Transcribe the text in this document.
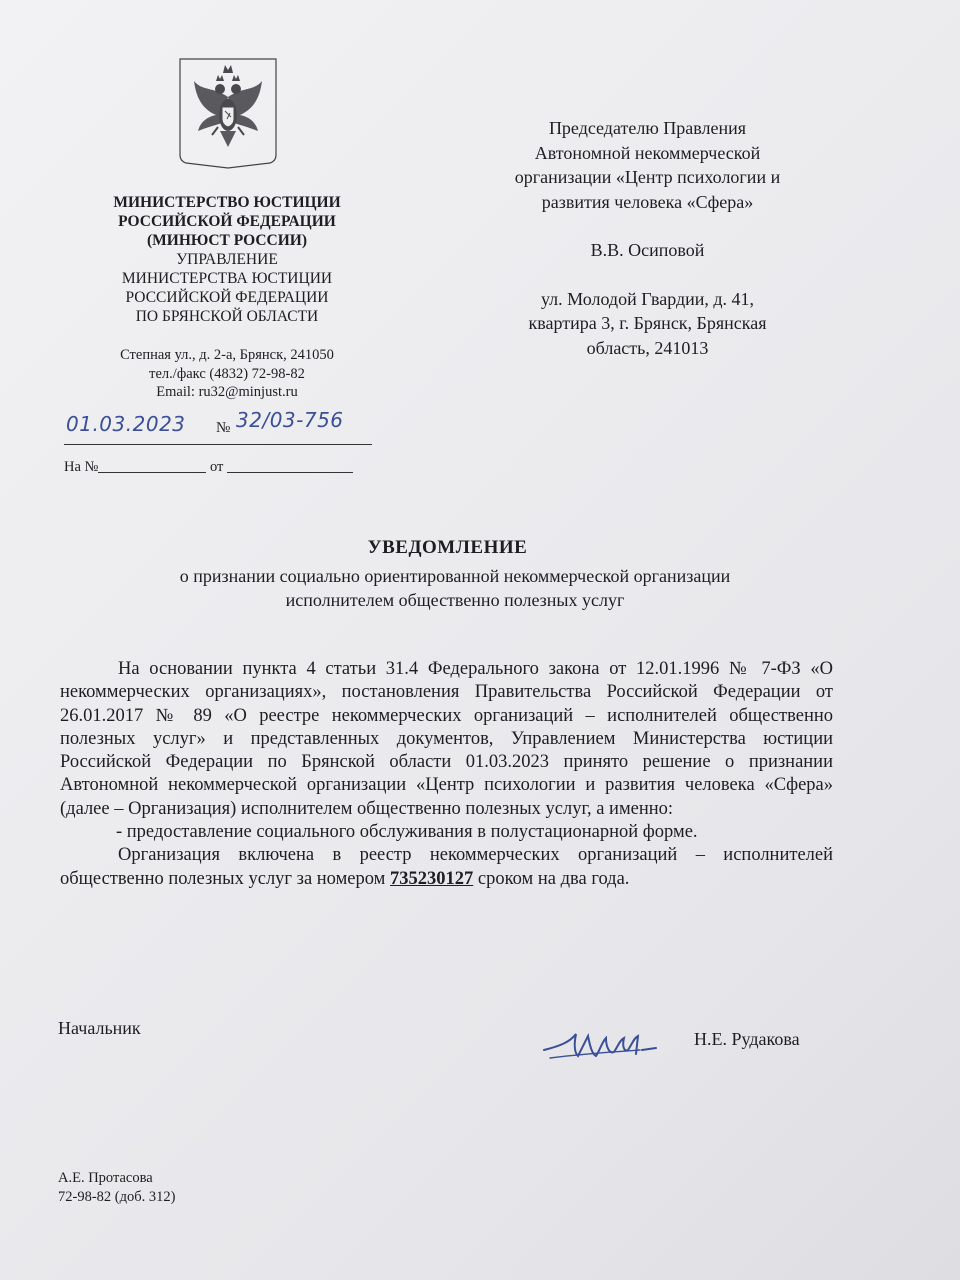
МИНИСТЕРСТВО ЮСТИЦИИ
РОССИЙСКОЙ ФЕДЕРАЦИИ
(МИНЮСТ РОССИИ)
УПРАВЛЕНИЕ
МИНИСТЕРСТВА ЮСТИЦИИ
РОССИЙСКОЙ ФЕДЕРАЦИИ
ПО БРЯНСКОЙ ОБЛАСТИ
Степная ул., д. 2-а, Брянск, 241050
тел./факс (4832) 72-98-82
Email: ru32@minjust.ru
01.03.2023 № 32/03-756
На №	от
Председателю Правления
Автономной некоммерческой
организации «Центр психологии и
развития человека «Сфера»
В.В. Осиповой
ул. Молодой Гвардии, д. 41,
квартира 3, г. Брянск, Брянская
область, 241013
УВЕДОМЛЕНИЕ
о признании социально ориентированной некоммерческой организации
исполнителем общественно полезных услуг

На основании пункта 4 статьи 31.4 Федерального закона от 12.01.1996 № 7-ФЗ «О некоммерческих организациях», постановления Правительства Российской Федерации от 26.01.2017 № 89 «О реестре некоммерческих организаций – исполнителей общественно полезных услуг» и представленных документов, Управлением Министерства юстиции Российской Федерации по Брянской области 01.03.2023 принято решение о признании Автономной некоммерческой организации «Центр психологии и развития человека «Сфера» (далее – Организация) исполнителем общественно полезных услуг, а именно:

- предоставление социального обслуживания в полустационарной форме.

Организация включена в реестр некоммерческих организаций – исполнителей общественно полезных услуг за номером 735230127 сроком на два года.

Начальник
Н.Е. Рудакова
А.Е. Протасова
72-98-82 (доб. 312)
